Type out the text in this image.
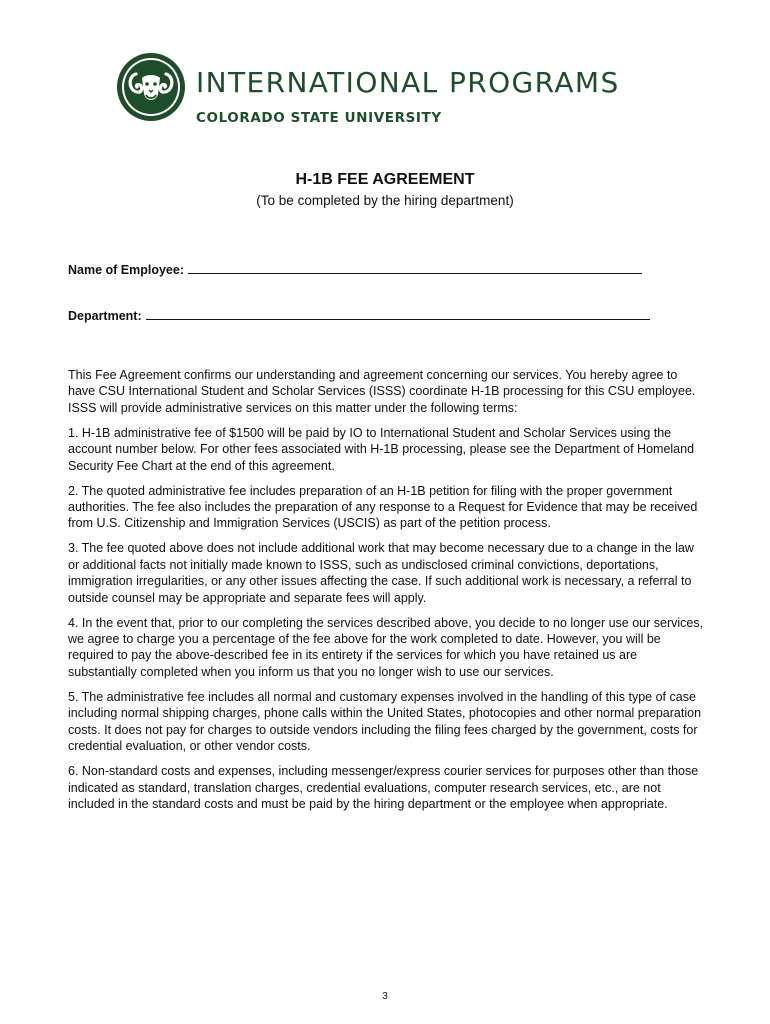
INTERNATIONAL PROGRAMS
COLORADO STATE UNIVERSITY
H-1B FEE AGREEMENT
(To be completed by the hiring department)
Name of Employee:
Department:

This Fee Agreement confirms our understanding and agreement concerning our services. You hereby agree to have CSU International Student and Scholar Services (ISSS) coordinate H-1B processing for this CSU employee. ISSS will provide administrative services on this matter under the following terms:

1. H-1B administrative fee of $1500 will be paid by IO to International Student and Scholar Services using the account number below. For other fees associated with H-1B processing, please see the Department of Homeland Security Fee Chart at the end of this agreement.

2. The quoted administrative fee includes preparation of an H-1B petition for filing with the proper government authorities. The fee also includes the preparation of any response to a Request for Evidence that may be received from U.S. Citizenship and Immigration Services (USCIS) as part of the petition process.

3. The fee quoted above does not include additional work that may become necessary due to a change in the law or additional facts not initially made known to ISSS, such as undisclosed criminal convictions, deportations, immigration irregularities, or any other issues affecting the case. If such additional work is necessary, a referral to outside counsel may be appropriate and separate fees will apply.

4. In the event that, prior to our completing the services described above, you decide to no longer use our services, we agree to charge you a percentage of the fee above for the work completed to date. However, you will be required to pay the above-described fee in its entirety if the services for which you have retained us are substantially completed when you inform us that you no longer wish to use our services.

5. The administrative fee includes all normal and customary expenses involved in the handling of this type of case including normal shipping charges, phone calls within the United States, photocopies and other normal preparation costs. It does not pay for charges to outside vendors including the filing fees charged by the government, costs for credential evaluation, or other vendor costs.

6. Non-standard costs and expenses, including messenger/express courier services for purposes other than those indicated as standard, translation charges, credential evaluations, computer research services, etc., are not included in the standard costs and must be paid by the hiring department or the employee when appropriate.

3
